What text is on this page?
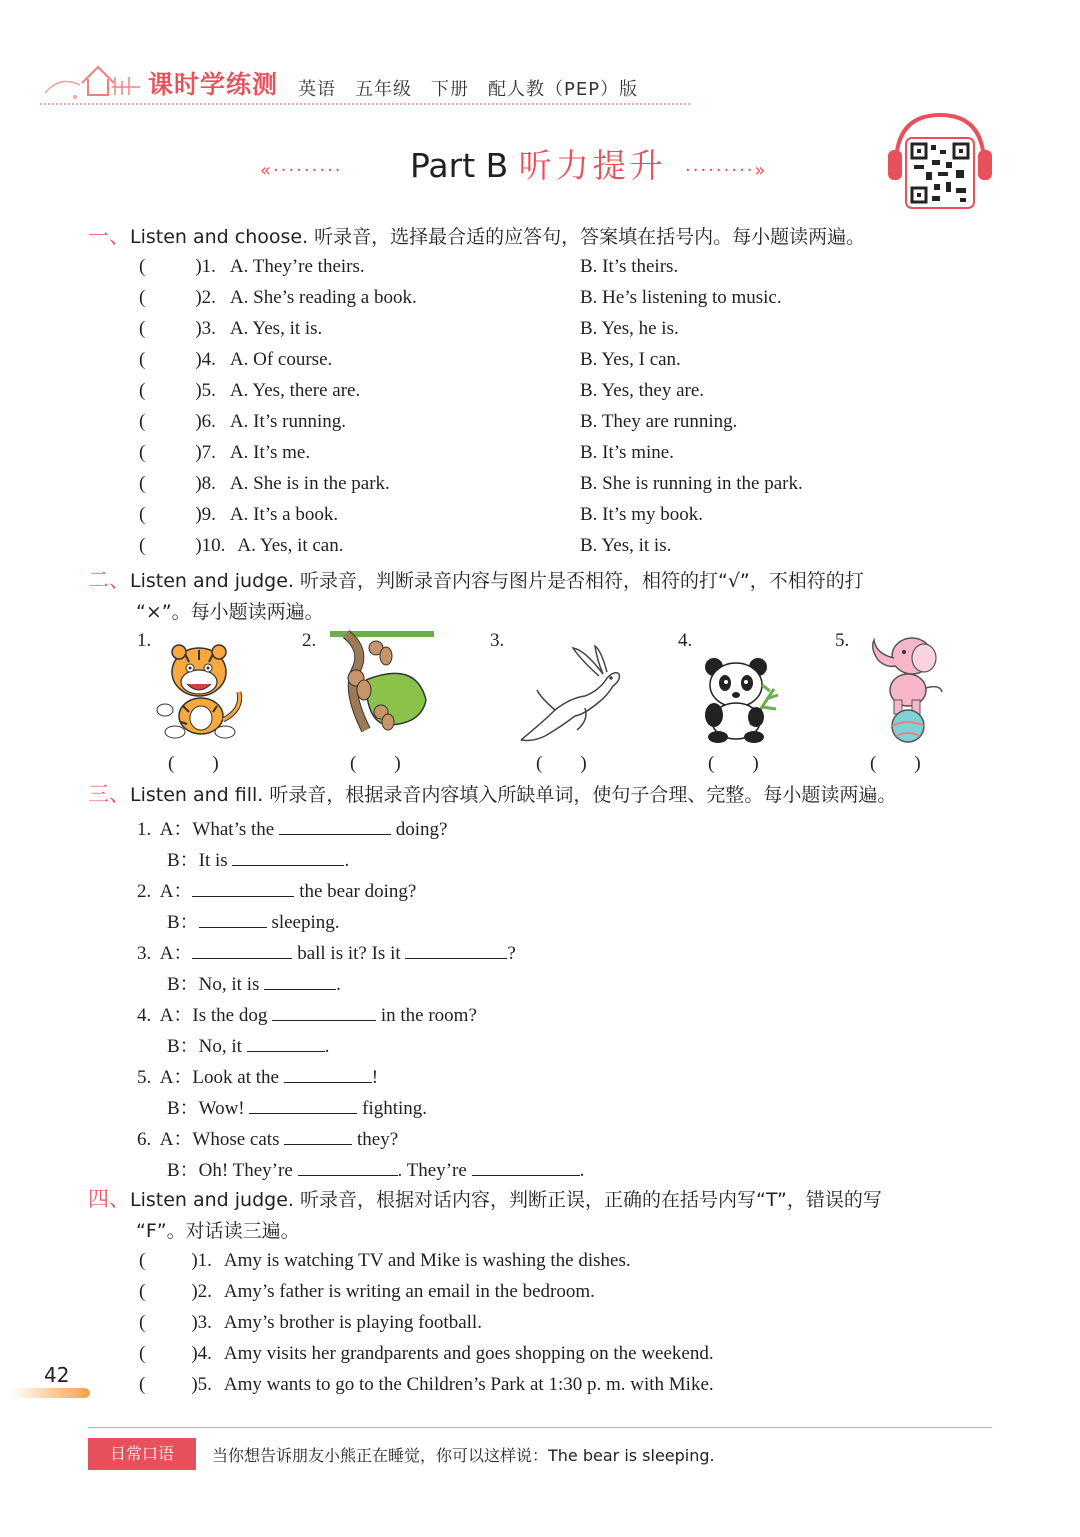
课时学练测 英语　五年级　下册　配人教（PEP）版
«········· Part B 听力提升 ·········»
一、Listen and choose. 听录音，选择最合适的应答句，答案填在括号内。每小题读两遍。
(	)1. A. They’re theirs.	B. It’s theirs.
(	)2. A. She’s reading a book.	B. He’s listening to music.
(	)3. A. Yes, it is.	B. Yes, he is.
(	)4. A. Of course.	B. Yes, I can.
(	)5. A. Yes, there are.	B. Yes, they are.
(	)6. A. It’s running.	B. They are running.
(	)7. A. It’s me.	B. It’s mine.
(	)8. A. She is in the park.	B. She is running in the park.
(	)9. A. It’s a book.	B. It’s my book.
(	)10. A. Yes, it can.	B. Yes, it is.
二、Listen and judge. 听录音，判断录音内容与图片是否相符，相符的打“√”，不相符的打
“×”。每小题读两遍。
1.	2.	3.	4.	5.
(　　)	(　　)	(　　)	(　　)	(　　)
三、Listen and fill. 听录音，根据录音内容填入所缺单词，使句子合理、完整。每小题读两遍。
1. A：What’s the	doing?
B：It is	.
2. A：	the bear doing?
B：	sleeping.
3. A：	ball is it? Is it	?
B：No, it is	.
4. A：Is the dog	in the room?
B：No, it	.
5. A：Look at the	!
B：Wow!	fighting.
6. A：Whose cats	they?
B：Oh! They’re	. They’re	.
四、Listen and judge. 听录音，根据对话内容，判断正误，正确的在括号内写“T”，错误的写
“F”。对话读三遍。
( )1. Amy is watching TV and Mike is washing the dishes.
( )2. Amy’s father is writing an email in the bedroom.
( )3. Amy’s brother is playing football.
( )4. Amy visits her grandparents and goes shopping on the weekend.
( )5. Amy wants to go to the Children’s Park at 1:30 p. m. with Mike.
42
日常口语	当你想告诉朋友小熊正在睡觉，你可以这样说：The bear is sleeping.
